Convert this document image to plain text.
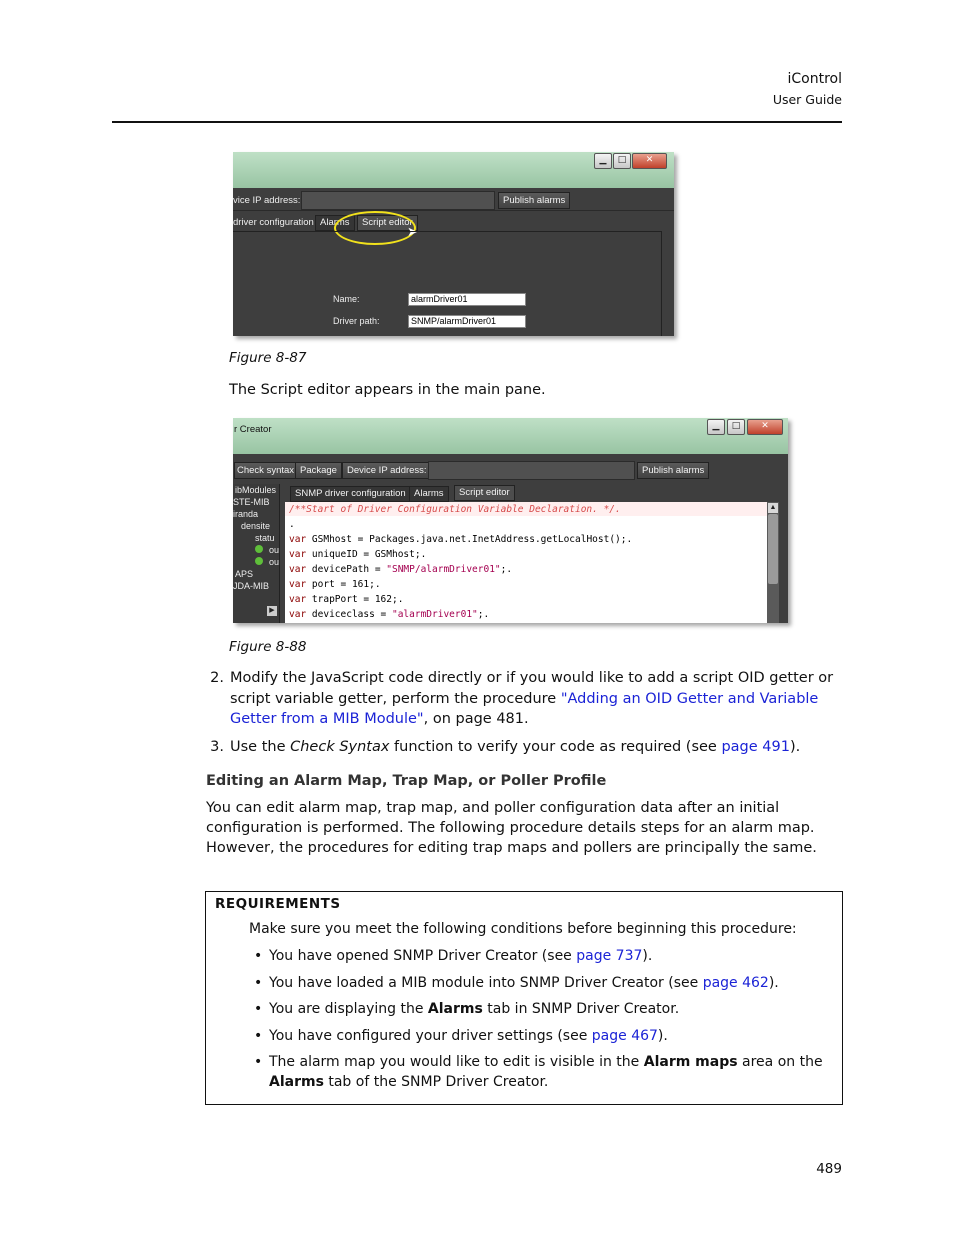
iControl
User Guide
▁	□	✕
vice IP address:	Publish alarms
driver configuration Alarms	Script editor
➤
Name:	alarmDriver01
Driver path:	SNMP/alarmDriver01
Figure 8-87
The Script editor appears in the main pane.
r Creator	▁	□	✕
Check syntax Package	Device IP address:	Publish alarms
ibModules
STE-MIB
iranda
densite
statu
ou
ou
APS
JDA-MIB
▶
SNMP driver configuration Alarms	Script editor
/**Start of Driver Configuration Variable Declaration. */.
.
var GSMhost = Packages.java.net.InetAddress.getLocalHost();.
var uniqueID = GSMhost;.
var devicePath = "SNMP/alarmDriver01";.
var port = 161;.
var trapPort = 162;.
var deviceclass = "alarmDriver01";.
▲
Figure 8-88
2. Modify the JavaScript code directly or if you would like to add a script OID getter or script variable getter, perform the procedure "Adding an OID Getter and Variable Getter from a MIB Module", on page 481.
3. Use the Check Syntax function to verify your code as required (see page 491).
Editing an Alarm Map, Trap Map, or Poller Profile
You can edit alarm map, trap map, and poller configuration data after an initial configuration is performed. The following procedure details steps for an alarm map. However, the procedures for editing trap maps and pollers are principally the same.
REQUIREMENTS
Make sure you meet the following conditions before beginning this procedure:
• You have opened SNMP Driver Creator (see page 737).
• You have loaded a MIB module into SNMP Driver Creator (see page 462).
• You are displaying the Alarms tab in SNMP Driver Creator.
• You have configured your driver settings (see page 467).
• The alarm map you would like to edit is visible in the Alarm maps area on the Alarms tab of the SNMP Driver Creator.
489
